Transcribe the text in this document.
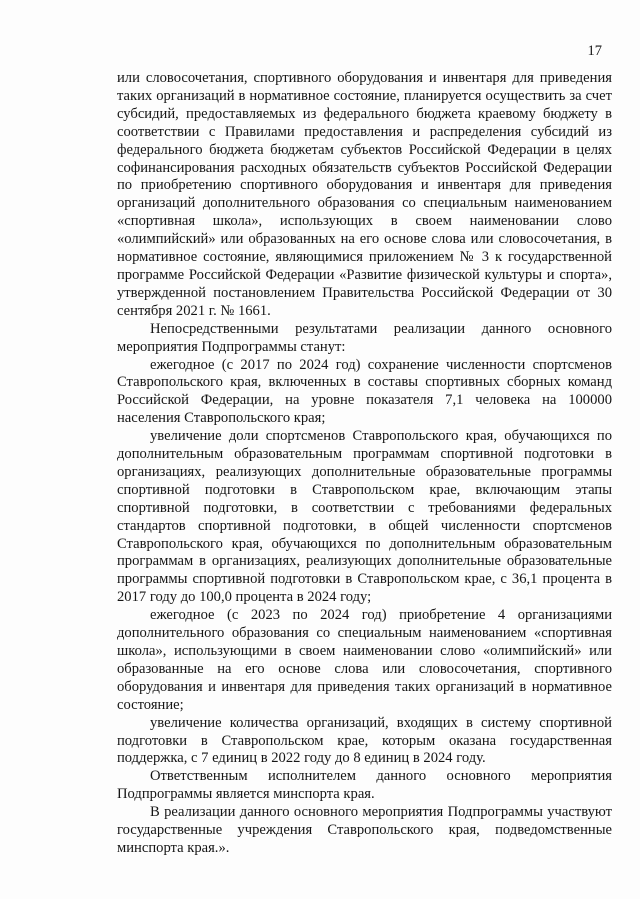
17

или словосочетания, спортивного оборудования и инвентаря для приведения таких организаций в нормативное состояние, планируется осуществить за счет субсидий, предоставляемых из федерального бюджета краевому бюджету в соответствии с Правилами предоставления и распределения субсидий из федерального бюджета бюджетам субъектов Российской Федерации в целях софинансирования расходных обязательств субъектов Российской Федерации по приобретению спортивного оборудования и инвентаря для приведения организаций дополнительного образования со специальным наименованием «спортивная школа», использующих в своем наименовании слово «олимпийский» или образованных на его основе слова или словосочетания, в нормативное состояние, являющимися приложением № 3 к государственной программе Российской Федерации «Развитие физической культуры и спорта», утвержденной постановлением Правительства Российской Федерации от 30 сентября 2021 г. № 1661.

Непосредственными результатами реализации данного основного мероприятия Подпрограммы станут:

ежегодное (с 2017 по 2024 год) сохранение численности спортсменов Ставропольского края, включенных в составы спортивных сборных команд Российской Федерации, на уровне показателя 7,1 человека на 100000 населения Ставропольского края;

увеличение доли спортсменов Ставропольского края, обучающихся по дополнительным образовательным программам спортивной подготовки в организациях, реализующих дополнительные образовательные программы спортивной подготовки в Ставропольском крае, включающим этапы спортивной подготовки, в соответствии с требованиями федеральных стандартов спортивной подготовки, в общей численности спортсменов Ставропольского края, обучающихся по дополнительным образовательным программам в организациях, реализующих дополнительные образовательные программы спортивной подготовки в Ставропольском крае, с 36,1 процента в 2017 году до 100,0 процента в 2024 году;

ежегодное (с 2023 по 2024 год) приобретение 4 организациями дополнительного образования со специальным наименованием «спортивная школа», использующими в своем наименовании слово «олимпийский» или образованные на его основе слова или словосочетания, спортивного оборудования и инвентаря для приведения таких организаций в нормативное состояние;

увеличение количества организаций, входящих в систему спортивной подготовки в Ставропольском крае, которым оказана государственная поддержка, с 7 единиц в 2022 году до 8 единиц в 2024 году.

Ответственным исполнителем данного основного мероприятия Подпрограммы является минспорта края.

В реализации данного основного мероприятия Подпрограммы участвуют государственные учреждения Ставропольского края, подведомственные минспорта края.».
